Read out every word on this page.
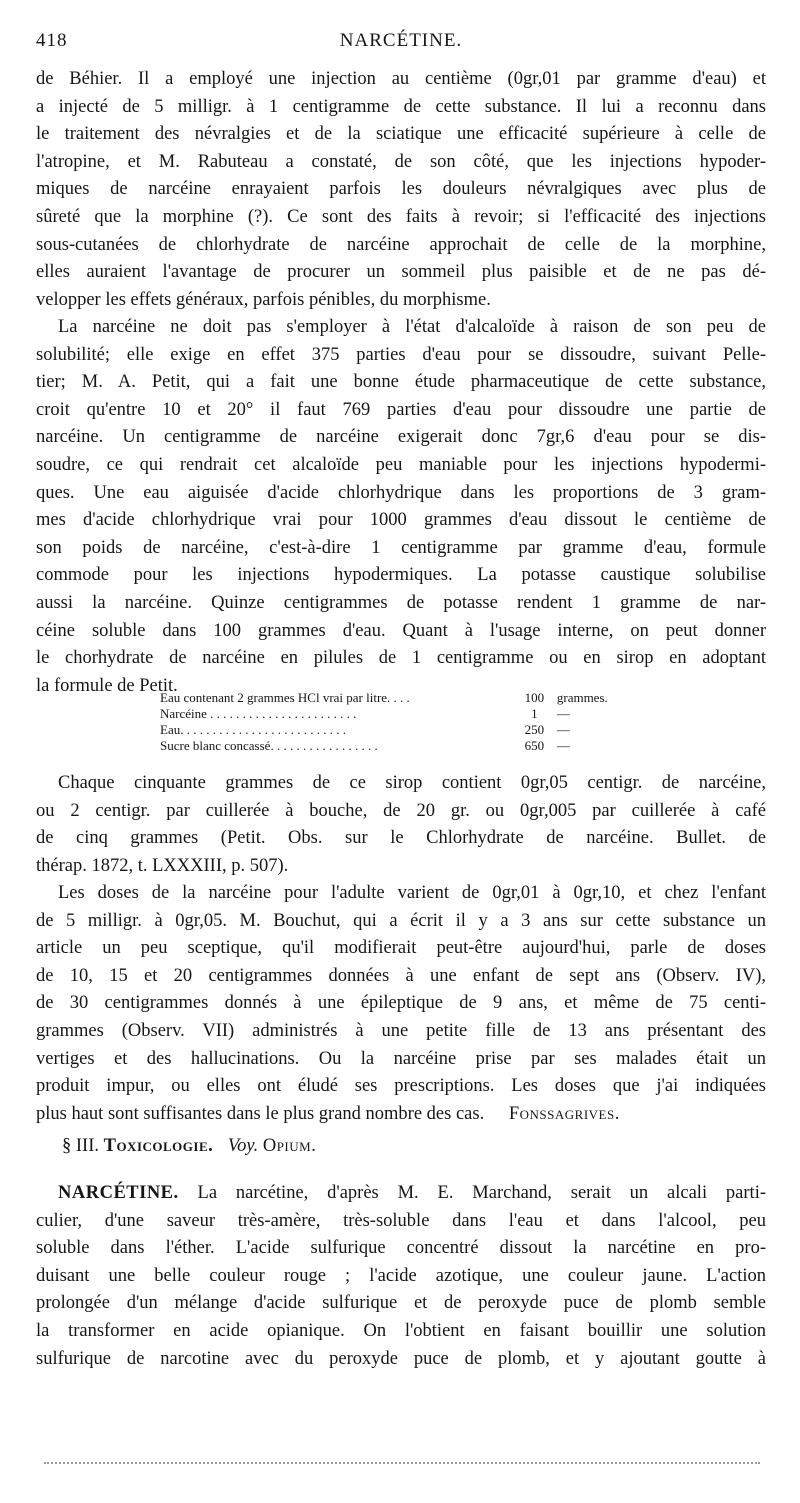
418	NARCÉTINE.
de Béhier. Il a employé une injection au centième (0gr,01 par gramme d'eau) et
a injecté de 5 milligr. à 1 centigramme de cette substance. Il lui a reconnu dans
le traitement des névralgies et de la sciatique une efficacité supérieure à celle de
l'atropine, et M. Rabuteau a constaté, de son côté, que les injections hypoder-
miques de narcéine enrayaient parfois les douleurs névralgiques avec plus de
sûreté que la morphine (?). Ce sont des faits à revoir; si l'efficacité des injections
sous-cutanées de chlorhydrate de narcéine approchait de celle de la morphine,
elles auraient l'avantage de procurer un sommeil plus paisible et de ne pas dé-
velopper les effets généraux, parfois pénibles, du morphisme.
La narcéine ne doit pas s'employer à l'état d'alcaloïde à raison de son peu de
solubilité; elle exige en effet 375 parties d'eau pour se dissoudre, suivant Pelle-
tier; M. A. Petit, qui a fait une bonne étude pharmaceutique de cette substance,
croit qu'entre 10 et 20° il faut 769 parties d'eau pour dissoudre une partie de
narcéine. Un centigramme de narcéine exigerait donc 7gr,6 d'eau pour se dis-
soudre, ce qui rendrait cet alcaloïde peu maniable pour les injections hypodermi-
ques. Une eau aiguisée d'acide chlorhydrique dans les proportions de 3 gram-
mes d'acide chlorhydrique vrai pour 1000 grammes d'eau dissout le centième de
son poids de narcéine, c'est-à-dire 1 centigramme par gramme d'eau, formule
commode pour les injections hypodermiques. La potasse caustique solubilise
aussi la narcéine. Quinze centigrammes de potasse rendent 1 gramme de nar-
céine soluble dans 100 grammes d'eau. Quant à l'usage interne, on peut donner
le chorhydrate de narcéine en pilules de 1 centigramme ou en sirop en adoptant
la formule de Petit.
Eau contenant 2 grammes HCl vrai par litre. . . .	100 grammes.
Narcéine . . . . . . . . . . . . . . . . . . . . . . .	1	—
Eau. . . . . . . . . . . . . . . . . . . . . . . . . .	250 —
Sucre blanc concassé. . . . . . . . . . . . . . . . .	650 —
Chaque cinquante grammes de ce sirop contient 0gr,05 centigr. de narcéine,
ou 2 centigr. par cuillerée à bouche, de 20 gr. ou 0gr,005 par cuillerée à café
de cinq grammes (Petit. Obs. sur le Chlorhydrate de narcéine. Bullet. de
thérap. 1872, t. LXXXIII, p. 507).
Les doses de la narcéine pour l'adulte varient de 0gr,01 à 0gr,10, et chez l'enfant
de 5 milligr. à 0gr,05. M. Bouchut, qui a écrit il y a 3 ans sur cette substance un
article un peu sceptique, qu'il modifierait peut-être aujourd'hui, parle de doses
de 10, 15 et 20 centigrammes données à une enfant de sept ans (Observ. IV),
de 30 centigrammes donnés à une épileptique de 9 ans, et même de 75 centi-
grammes (Observ. VII) administrés à une petite fille de 13 ans présentant des
vertiges et des hallucinations. Ou la narcéine prise par ses malades était un
produit impur, ou elles ont éludé ses prescriptions. Les doses que j'ai indiquées
plus haut sont suffisantes dans le plus grand nombre des cas. Fonssagrives.
§ III. Toxicologie. Voy. Opium.
NARCÉTINE. La narcétine, d'après M. E. Marchand, serait un alcali parti-
culier, d'une saveur très-amère, très-soluble dans l'eau et dans l'alcool, peu
soluble dans l'éther. L'acide sulfurique concentré dissout la narcétine en pro-
duisant une belle couleur rouge ; l'acide azotique, une couleur jaune. L'action
prolongée d'un mélange d'acide sulfurique et de peroxyde puce de plomb semble
la transformer en acide opianique. On l'obtient en faisant bouillir une solution
sulfurique de narcotine avec du peroxyde puce de plomb, et y ajoutant goutte à
